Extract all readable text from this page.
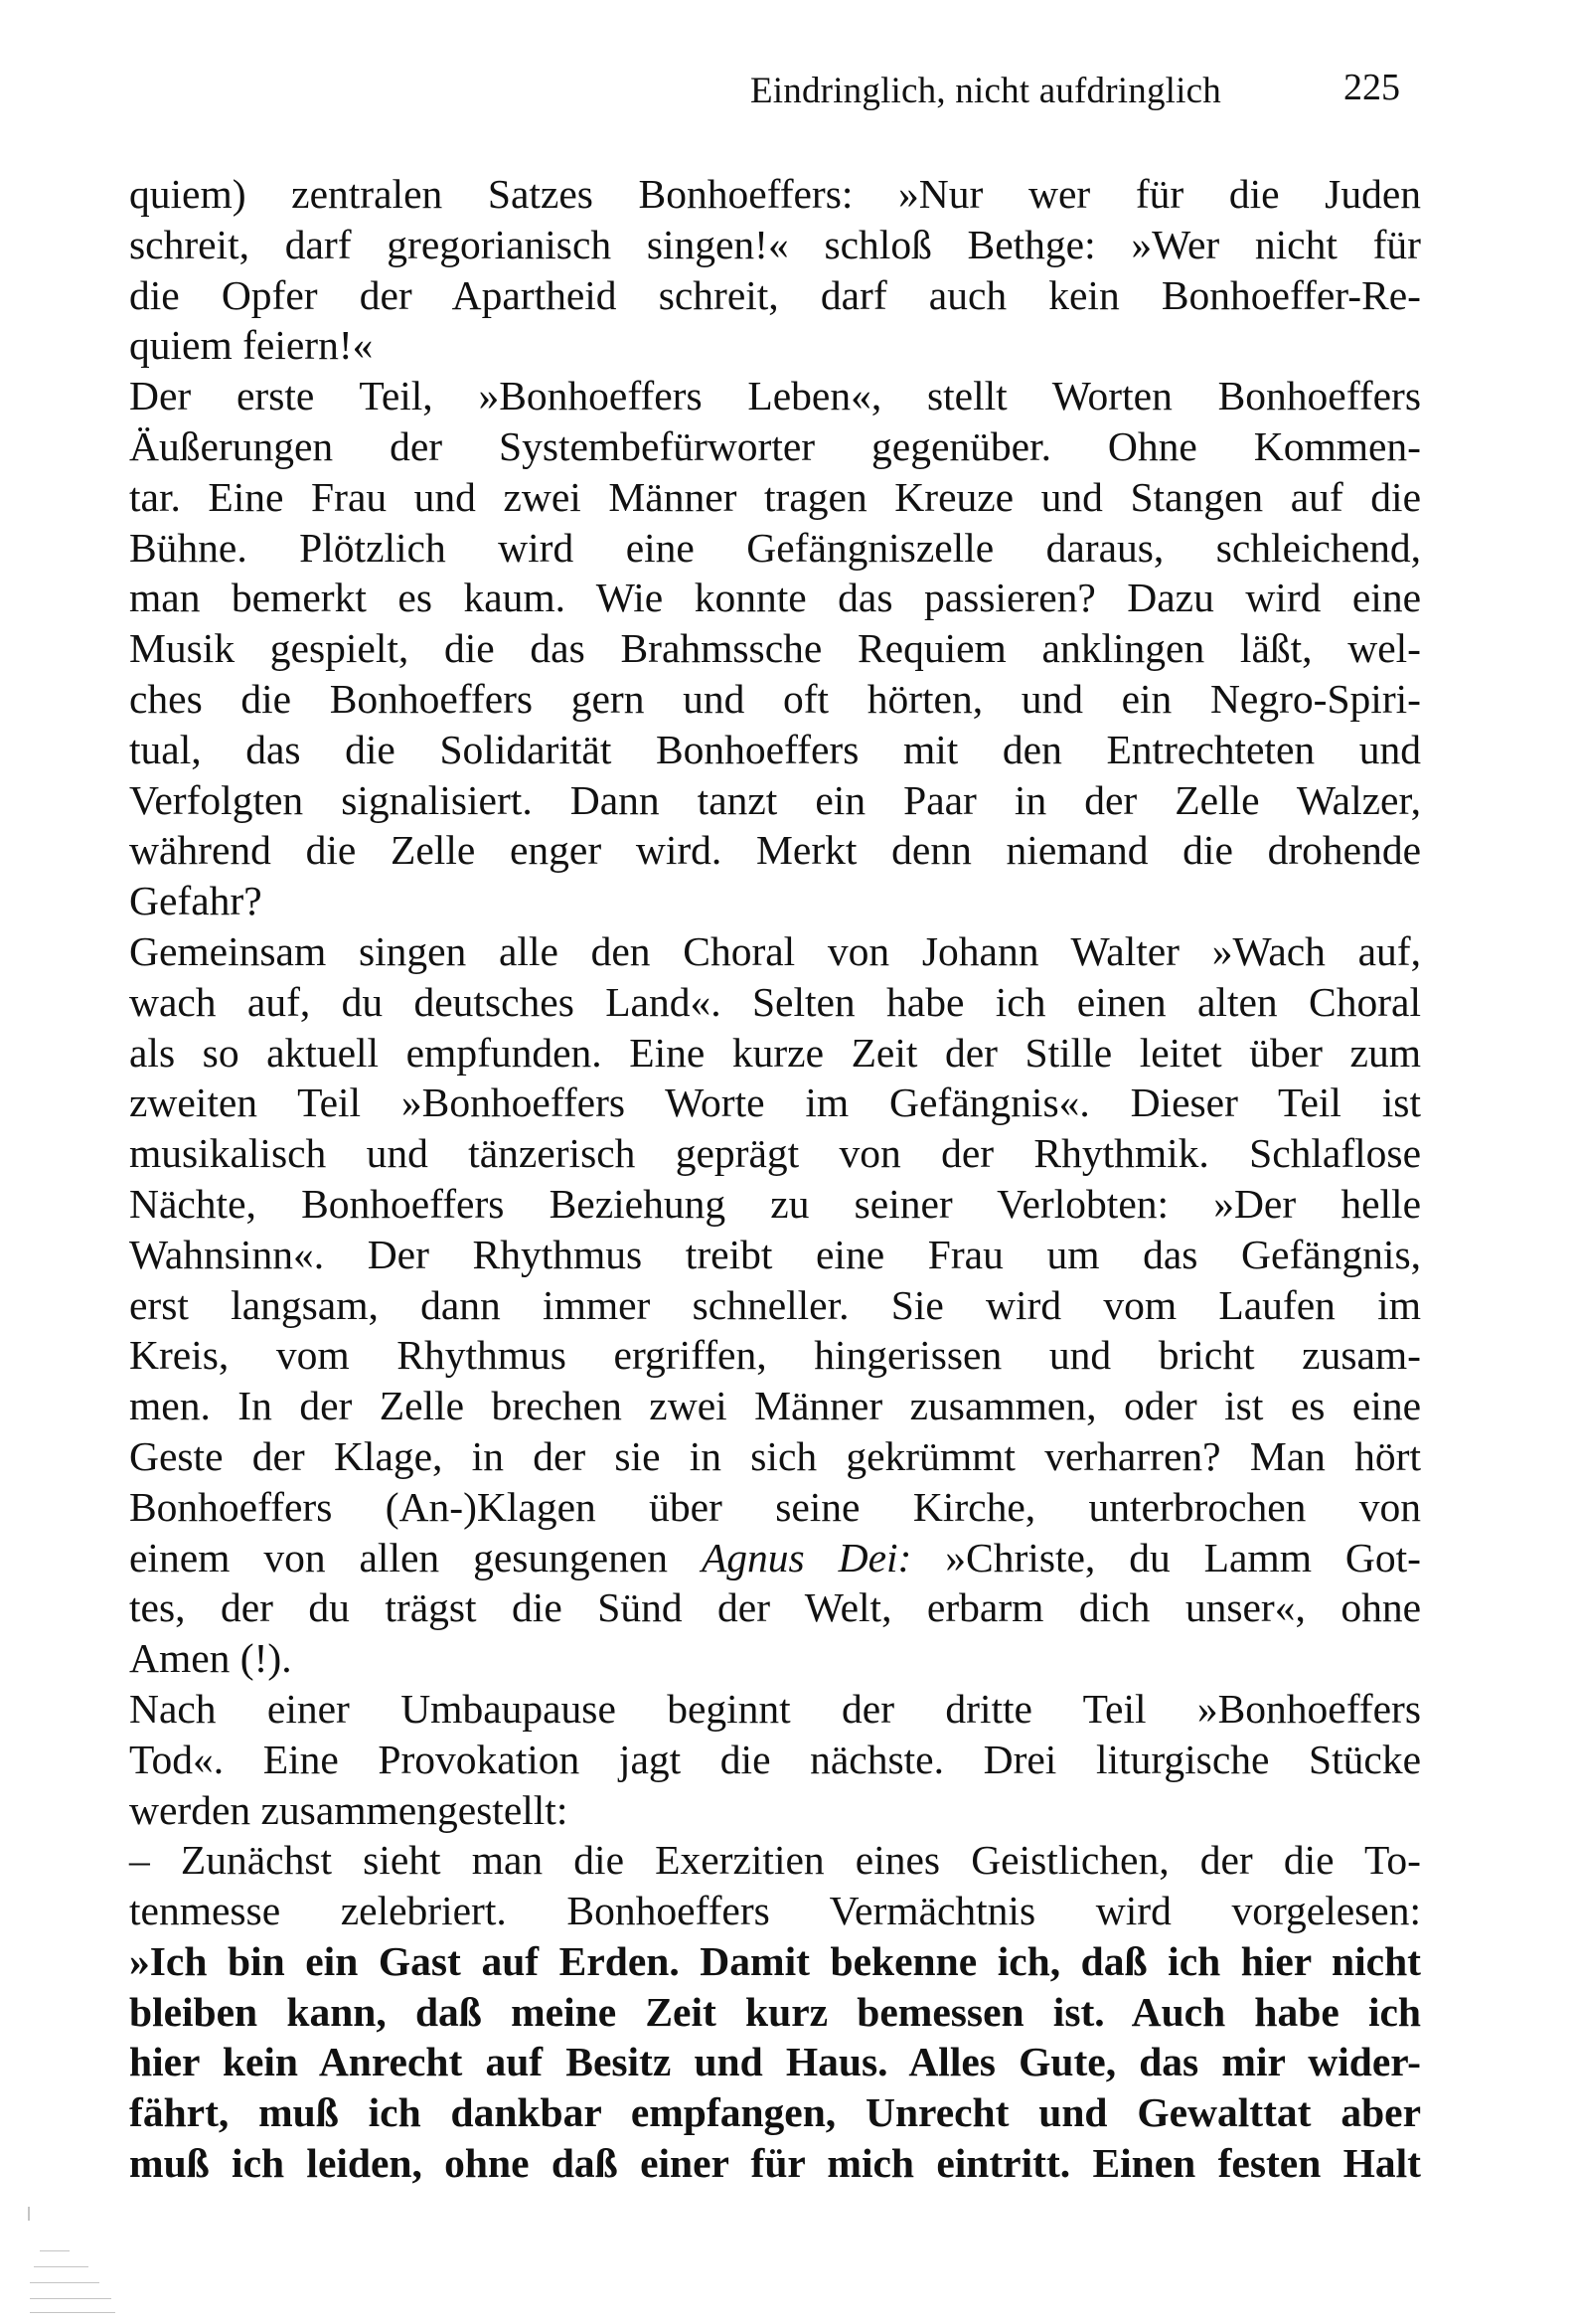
Eindringlich, nicht aufdringlich	225
quiem) zentralen Satzes Bonhoeffers: »Nur wer für die Juden
schreit, darf gregorianisch singen!« schloß Bethge: »Wer nicht für
die Opfer der Apartheid schreit, darf auch kein Bonhoeffer-Re-
quiem feiern!«
Der erste Teil, »Bonhoeffers Leben«, stellt Worten Bonhoeffers
Äußerungen der Systembefürworter gegenüber. Ohne Kommen-
tar. Eine Frau und zwei Männer tragen Kreuze und Stangen auf die
Bühne. Plötzlich wird eine Gefängniszelle daraus, schleichend,
man bemerkt es kaum. Wie konnte das passieren? Dazu wird eine
Musik gespielt, die das Brahmssche Requiem anklingen läßt, wel-
ches die Bonhoeffers gern und oft hörten, und ein Negro-Spiri-
tual, das die Solidarität Bonhoeffers mit den Entrechteten und
Verfolgten signalisiert. Dann tanzt ein Paar in der Zelle Walzer,
während die Zelle enger wird. Merkt denn niemand die drohende
Gefahr?
Gemeinsam singen alle den Choral von Johann Walter »Wach auf,
wach auf, du deutsches Land«. Selten habe ich einen alten Choral
als so aktuell empfunden. Eine kurze Zeit der Stille leitet über zum
zweiten Teil »Bonhoeffers Worte im Gefängnis«. Dieser Teil ist
musikalisch und tänzerisch geprägt von der Rhythmik. Schlaflose
Nächte, Bonhoeffers Beziehung zu seiner Verlobten: »Der helle
Wahnsinn«. Der Rhythmus treibt eine Frau um das Gefängnis,
erst langsam, dann immer schneller. Sie wird vom Laufen im
Kreis, vom Rhythmus ergriffen, hingerissen und bricht zusam-
men. In der Zelle brechen zwei Männer zusammen, oder ist es eine
Geste der Klage, in der sie in sich gekrümmt verharren? Man hört
Bonhoeffers (An-)Klagen über seine Kirche, unterbrochen von
einem von allen gesungenen Agnus Dei: »Christe, du Lamm Got-
tes, der du trägst die Sünd der Welt, erbarm dich unser«, ohne
Amen (!).
Nach einer Umbaupause beginnt der dritte Teil »Bonhoeffers
Tod«. Eine Provokation jagt die nächste. Drei liturgische Stücke
werden zusammengestellt:
– Zunächst sieht man die Exerzitien eines Geistlichen, der die To-
tenmesse zelebriert. Bonhoeffers Vermächtnis wird vorgelesen:
»Ich bin ein Gast auf Erden. Damit bekenne ich, daß ich hier nicht
bleiben kann, daß meine Zeit kurz bemessen ist. Auch habe ich
hier kein Anrecht auf Besitz und Haus. Alles Gute, das mir wider-
fährt, muß ich dankbar empfangen, Unrecht und Gewalttat aber
muß ich leiden, ohne daß einer für mich eintritt. Einen festen Halt
